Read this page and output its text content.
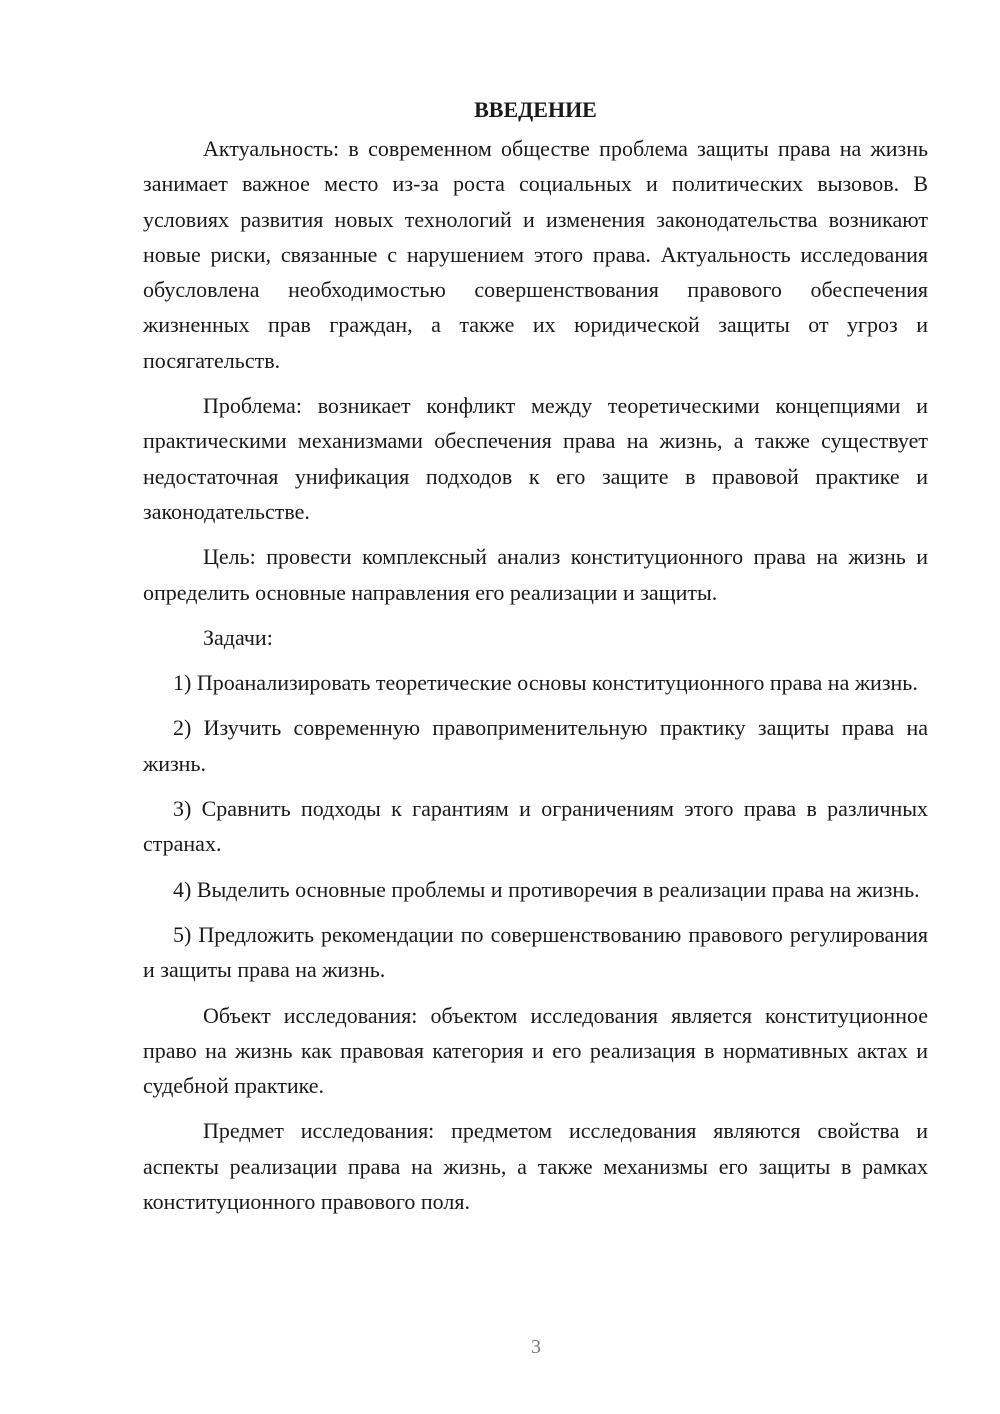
ВВЕДЕНИЕ

Актуальность: в современном обществе проблема защиты права на жизнь занимает важное место из-за роста социальных и политических вызовов. В условиях развития новых технологий и изменения законодательства возникают новые риски, связанные с нарушением этого права. Актуальность исследования обусловлена необходимостью совершенствования правового обеспечения жизненных прав граждан, а также их юридической защиты от угроз и посягательств.

Проблема: возникает конфликт между теоретическими концепциями и практическими механизмами обеспечения права на жизнь, а также существует недостаточная унификация подходов к его защите в правовой практике и законодательстве.

Цель: провести комплексный анализ конституционного права на жизнь и определить основные направления его реализации и защиты.

Задачи:

1) Проанализировать теоретические основы конституционного права на жизнь.

2) Изучить современную правоприменительную практику защиты права на жизнь.

3) Сравнить подходы к гарантиям и ограничениям этого права в различных странах.

4) Выделить основные проблемы и противоречия в реализации права на жизнь.

5) Предложить рекомендации по совершенствованию правового регулирования и защиты права на жизнь.

Объект исследования: объектом исследования является конституционное право на жизнь как правовая категория и его реализация в нормативных актах и судебной практике.

Предмет исследования: предметом исследования являются свойства и аспекты реализации права на жизнь, а также механизмы его защиты в рамках конституционного правового поля.

3
